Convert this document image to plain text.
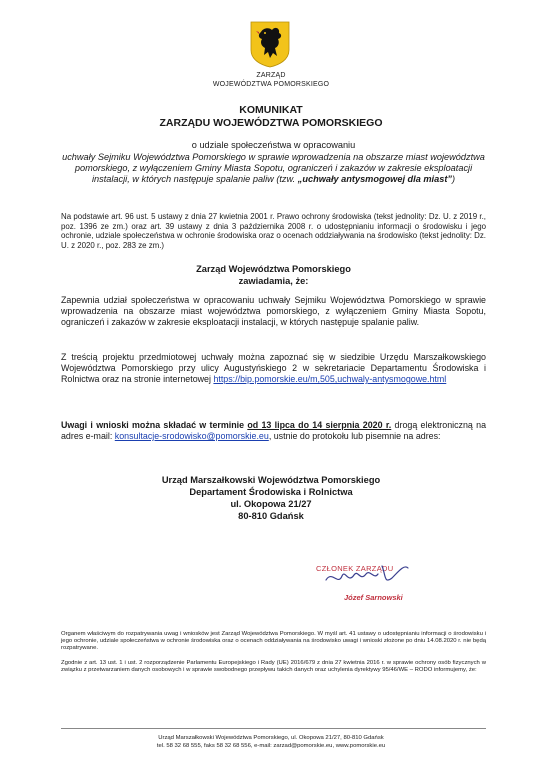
ZARZĄD
WOJEWÓDZTWA POMORSKIEGO
KOMUNIKAT
ZARZĄDU WOJEWÓDZTWA POMORSKIEGO
o udziale społeczeństwa w opracowaniu
uchwały Sejmiku Województwa Pomorskiego w sprawie wprowadzenia na obszarze miast województwa pomorskiego, z wyłączeniem Gminy Miasta Sopotu, ograniczeń i zakazów w zakresie eksploatacji instalacji, w których następuje spalanie paliw (tzw. „uchwały antysmogowej dla miast”)
Na podstawie art. 96 ust. 5 ustawy z dnia 27 kwietnia 2001 r. Prawo ochrony środowiska (tekst jednolity: Dz. U. z 2019 r., poz. 1396 ze zm.) oraz art. 39 ustawy z dnia 3 października 2008 r. o udostępnianiu informacji o środowisku i jego ochronie, udziale społeczeństwa w ochronie środowiska oraz o ocenach oddziaływania na środowisko (tekst jednolity: Dz. U. z 2020 r., poz. 283 ze zm.)
Zarząd Województwa Pomorskiego
zawiadamia, że:
Zapewnia udział społeczeństwa w opracowaniu uchwały Sejmiku Województwa Pomorskiego w sprawie wprowadzenia na obszarze miast województwa pomorskiego, z wyłączeniem Gminy Miasta Sopotu, ograniczeń i zakazów w zakresie eksploatacji instalacji, w których następuje spalanie paliw.
Z treścią projektu przedmiotowej uchwały można zapoznać się w siedzibie Urzędu Marszałkowskiego Województwa Pomorskiego przy ulicy Augustyńskiego 2 w sekretariacie Departamentu Środowiska i Rolnictwa oraz na stronie internetowej https://bip.pomorskie.eu/m,505,uchwaly-antysmogowe.html
Uwagi i wnioski można składać w terminie od 13 lipca do 14 sierpnia 2020 r. drogą elektroniczną na adres e-mail: konsultacje-srodowisko@pomorskie.eu, ustnie do protokołu lub pisemnie na adres:
Urząd Marszałkowski Województwa Pomorskiego
Departament Środowiska i Rolnictwa
ul. Okopowa 21/27
80-810 Gdańsk
CZŁONEK ZARZĄDU
Józef Sarnowski
Organem właściwym do rozpatrywania uwag i wniosków jest Zarząd Województwa Pomorskiego. W myśl art. 41 ustawy o udostępnianiu informacji o środowisku i jego ochronie, udziale społeczeństwa w ochronie środowiska oraz o ocenach oddziaływania na środowisko uwagi i wnioski złożone po dniu 14.08.2020 r. nie będą rozpatrywane.
Zgodnie z art. 13 ust. 1 i ust. 2 rozporządzenie Parlamentu Europejskiego i Rady (UE) 2016/679 z dnia 27 kwietnia 2016 r. w sprawie ochrony osób fizycznych w związku z przetwarzaniem danych osobowych i w sprawie swobodnego przepływu takich danych oraz uchylenia dyrektywy 95/46/WE – RODO informujemy, że:
Urząd Marszałkowski Województwa Pomorskiego, ul. Okopowa 21/27, 80-810 Gdańsk
tel. 58 32 68 555, faks 58 32 68 556, e-mail: zarzad@pomorskie.eu, www.pomorskie.eu
